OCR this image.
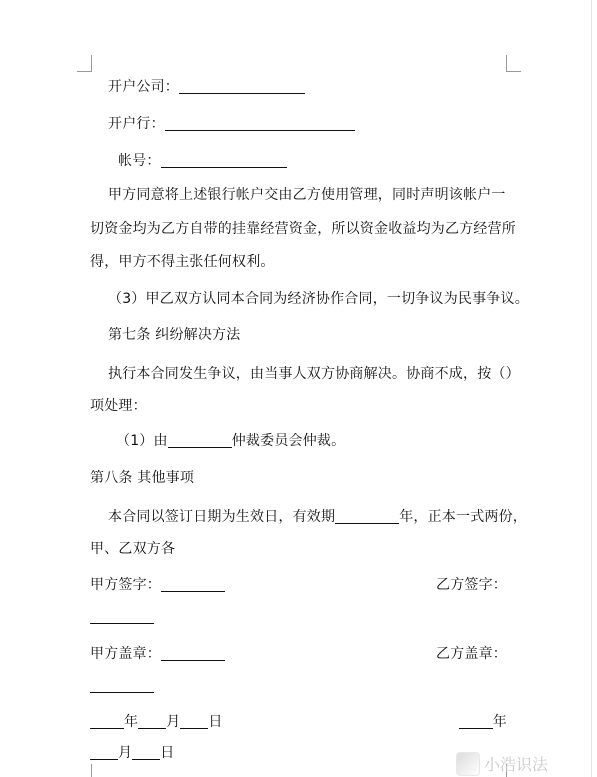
开户公司：
开户行：
帐号：
甲方同意将上述银行帐户交由乙方使用管理，同时声明该帐户一
切资金均为乙方自带的挂靠经营资金，所以资金收益均为乙方经营所
得，甲方不得主张任何权利。
（3）甲乙双方认同本合同为经济协作合同，一切争议为民事争议。
第七条 纠纷解决方法
执行本合同发生争议，由当事人双方协商解决。协商不成，按（）
项处理：
（1）由	仲裁委员会仲裁。
第八条 其他事项
本合同以签订日期为生效日，有效期	年，正本一式两份，
甲、乙双方各
甲方签字：	乙方签字：
甲方盖章：	乙方盖章：
年 月 日	年
月 日
小浩识法
